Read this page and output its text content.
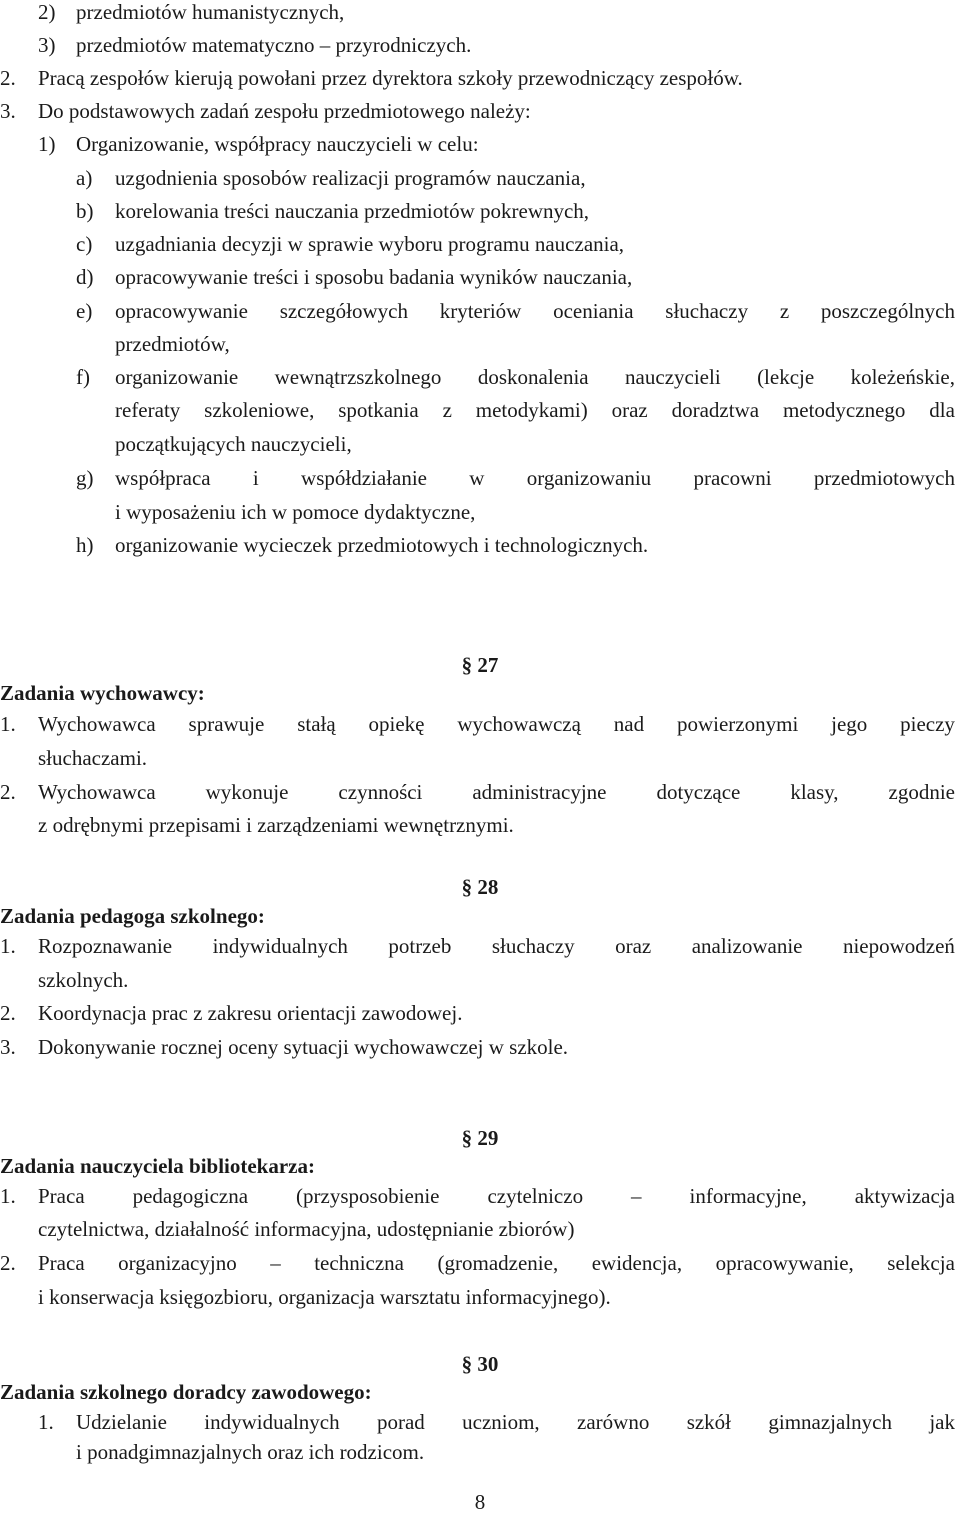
2) przedmiotów humanistycznych,
3) przedmiotów matematyczno – przyrodniczych.
2. Pracą zespołów kierują powołani przez dyrektora szkoły przewodniczący zespołów.
3. Do podstawowych zadań zespołu przedmiotowego należy:
1) Organizowanie, współpracy nauczycieli w celu:
a) uzgodnienia sposobów realizacji programów nauczania,
b) korelowania treści nauczania przedmiotów pokrewnych,
c) uzgadniania decyzji w sprawie wyboru programu nauczania,
d) opracowywanie treści i sposobu badania wyników nauczania,
e) opracowywanie szczegółowych kryteriów oceniania słuchaczy z poszczególnych
przedmiotów,
f) organizowanie wewnątrzszkolnego doskonalenia nauczycieli (lekcje koleżeńskie,
referaty szkoleniowe, spotkania z metodykami) oraz doradztwa metodycznego dla
początkujących nauczycieli,
g) współpraca i współdziałanie w organizowaniu pracowni przedmiotowych
i wyposażeniu ich w pomoce dydaktyczne,
h) organizowanie wycieczek przedmiotowych i technologicznych.
§ 27
Zadania wychowawcy:
1. Wychowawca sprawuje stałą opiekę wychowawczą nad powierzonymi jego pieczy
słuchaczami.
2. Wychowawca wykonuje czynności administracyjne dotyczące klasy, zgodnie
z odrębnymi przepisami i zarządzeniami wewnętrznymi.
§ 28
Zadania pedagoga szkolnego:
1. Rozpoznawanie indywidualnych potrzeb słuchaczy oraz analizowanie niepowodzeń
szkolnych.
2. Koordynacja prac z zakresu orientacji zawodowej.
3. Dokonywanie rocznej oceny sytuacji wychowawczej w szkole.
§ 29
Zadania nauczyciela bibliotekarza:
1. Praca pedagogiczna (przysposobienie czytelniczo – informacyjne, aktywizacja
czytelnictwa, działalność informacyjna, udostępnianie zbiorów)
2. Praca organizacyjno – techniczna (gromadzenie, ewidencja, opracowywanie, selekcja
i konserwacja księgozbioru, organizacja warsztatu informacyjnego).
§ 30
Zadania szkolnego doradcy zawodowego:
1. Udzielanie indywidualnych porad uczniom, zarówno szkół gimnazjalnych jak
i ponadgimnazjalnych oraz ich rodzicom.
8
